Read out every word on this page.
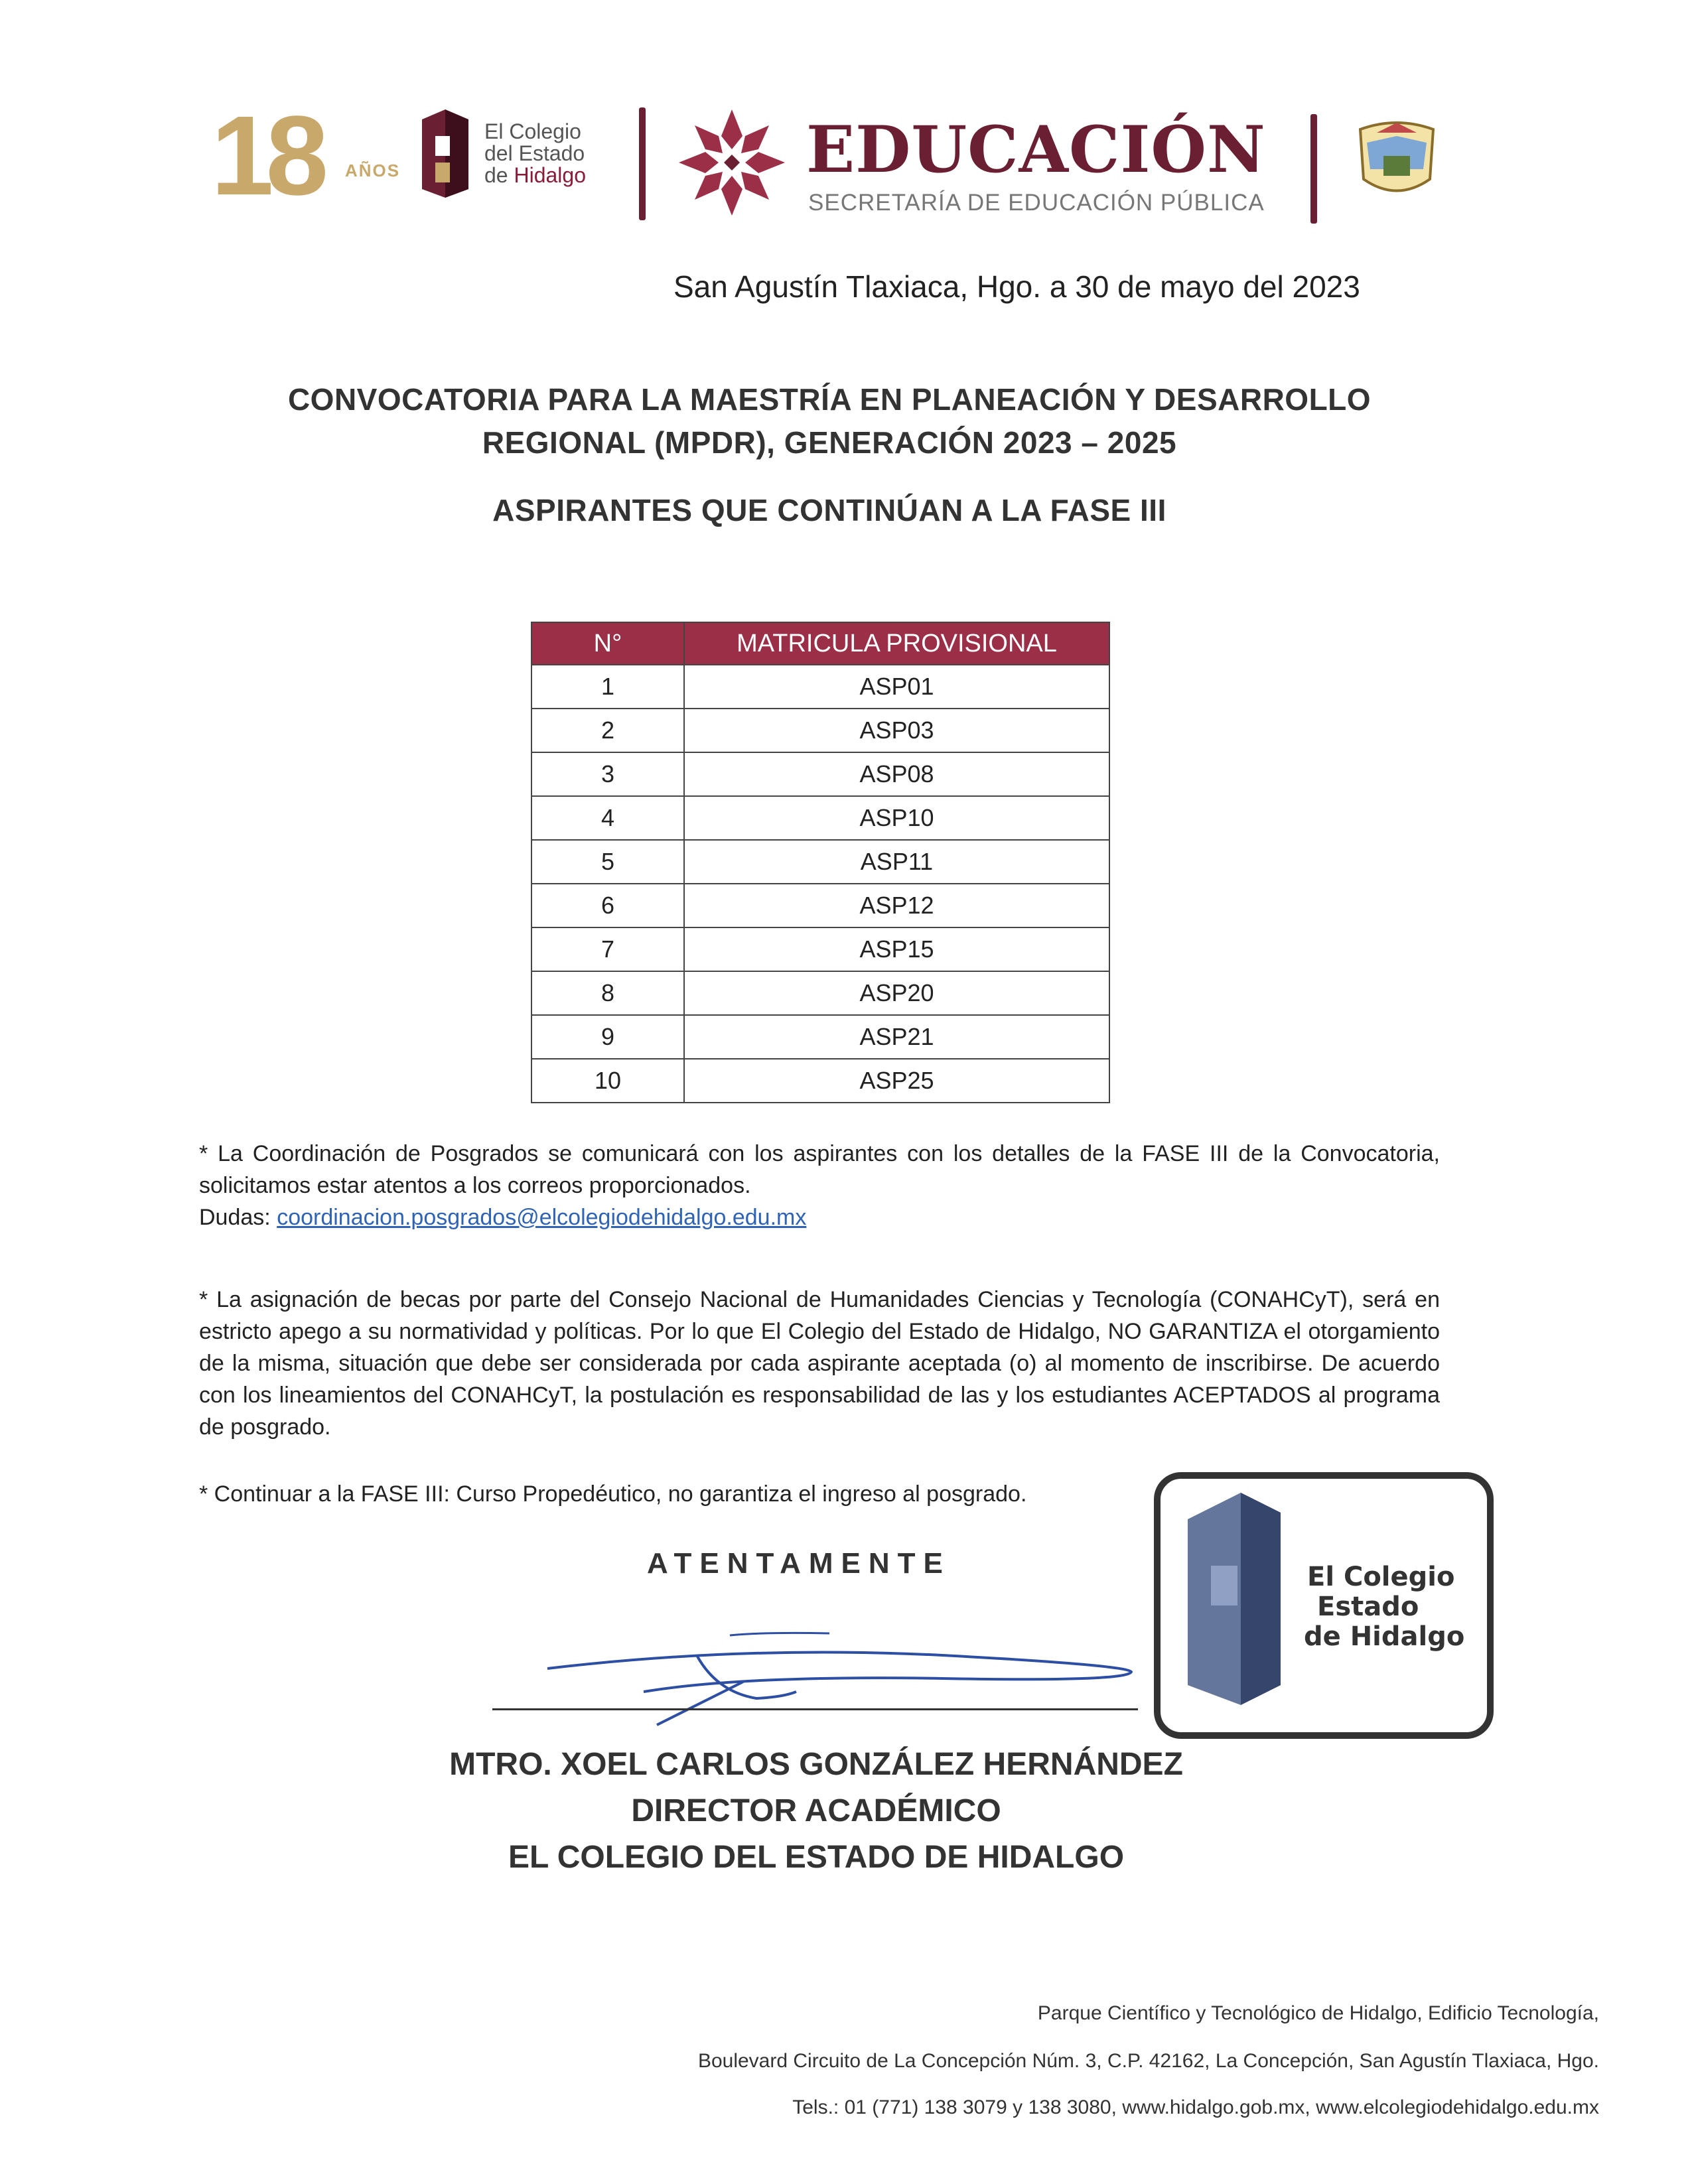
18 AÑOS
El Colegio
del Estado
de Hidalgo	EDUCACIÓN
SECRETARÍA DE EDUCACIÓN PÚBLICA
San Agustín Tlaxiaca, Hgo. a 30 de mayo del 2023
CONVOCATORIA PARA LA MAESTRÍA EN PLANEACIÓN Y DESARROLLO
REGIONAL (MPDR), GENERACIÓN 2023 – 2025
ASPIRANTES QUE CONTINÚAN A LA FASE III
N°	MATRICULA PROVISIONAL
1	ASP01
2	ASP03
3	ASP08
4	ASP10
5	ASP11
6	ASP12
7	ASP15
8	ASP20
9	ASP21
10	ASP25
* La Coordinación de Posgrados se comunicará con los aspirantes con los detalles de la FASE III de la Convocatoria, solicitamos estar atentos a los correos proporcionados.
Dudas: coordinacion.posgrados@elcolegiodehidalgo.edu.mx
* La asignación de becas por parte del Consejo Nacional de Humanidades Ciencias y Tecnología (CONAHCyT), será en estricto apego a su normatividad y políticas. Por lo que El Colegio del Estado de Hidalgo, NO GARANTIZA el otorgamiento de la misma, situación que debe ser considerada por cada aspirante aceptada (o) al momento de inscribirse. De acuerdo con los lineamientos del CONAHCyT, la postulación es responsabilidad de las y los estudiantes ACEPTADOS al programa de posgrado.
* Continuar a la FASE III: Curso Propedéutico, no garantiza el ingreso al posgrado.
ATENTAMENTE
MTRO. XOEL CARLOS GONZÁLEZ HERNÁNDEZ
DIRECTOR ACADÉMICO
EL COLEGIO DEL ESTADO DE HIDALGO
El Colegio
Estado
de Hidalgo
Parque Científico y Tecnológico de Hidalgo, Edificio Tecnología,
Boulevard Circuito de La Concepción Núm. 3, C.P. 42162, La Concepción, San Agustín Tlaxiaca, Hgo.
Tels.: 01 (771) 138 3079 y 138 3080, www.hidalgo.gob.mx, www.elcolegiodehidalgo.edu.mx
